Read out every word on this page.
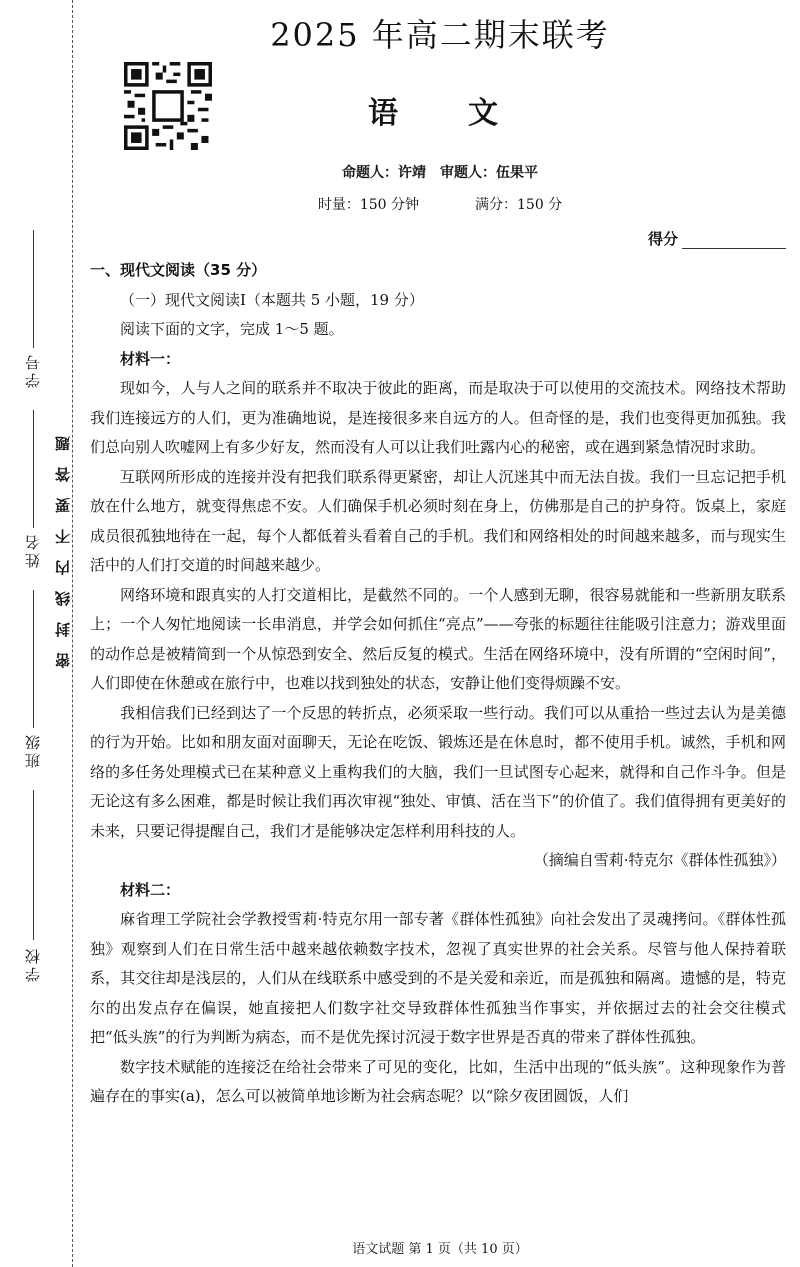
学号
姓名
班级
学校
密封线内不要答题
2025 年高二期末联考
语文
命题人：许靖　审题人：伍果平
时量：150 分钟	满分：150 分
得分

一、现代文阅读（35 分）

（一）现代文阅读Ⅰ（本题共 5 小题，19 分）

阅读下面的文字，完成 1～5 题。

材料一：

现如今，人与人之间的联系并不取决于彼此的距离，而是取决于可以使用的交流技术。网络技术帮助我们连接远方的人们，更为准确地说，是连接很多来自远方的人。但奇怪的是，我们也变得更加孤独。我们总向别人吹嘘网上有多少好友，然而没有人可以让我们吐露内心的秘密，或在遇到紧急情况时求助。

互联网所形成的连接并没有把我们联系得更紧密，却让人沉迷其中而无法自拔。我们一旦忘记把手机放在什么地方，就变得焦虑不安。人们确保手机必须时刻在身上，仿佛那是自己的护身符。饭桌上，家庭成员很孤独地待在一起，每个人都低着头看着自己的手机。我们和网络相处的时间越来越多，而与现实生活中的人们打交道的时间越来越少。

网络环境和跟真实的人打交道相比，是截然不同的。一个人感到无聊，很容易就能和一些新朋友联系上；一个人匆忙地阅读一长串消息，并学会如何抓住“亮点”——夸张的标题往往能吸引注意力；游戏里面的动作总是被精简到一个从惊恐到安全、然后反复的模式。生活在网络环境中，没有所谓的“空闲时间”，人们即使在休憩或在旅行中，也难以找到独处的状态，安静让他们变得烦躁不安。

我相信我们已经到达了一个反思的转折点，必须采取一些行动。我们可以从重拾一些过去认为是美德的行为开始。比如和朋友面对面聊天，无论在吃饭、锻炼还是在休息时，都不使用手机。诚然，手机和网络的多任务处理模式已在某种意义上重构我们的大脑，我们一旦试图专心起来，就得和自己作斗争。但是无论这有多么困难，都是时候让我们再次审视“独处、审慎、活在当下”的价值了。我们值得拥有更美好的未来，只要记得提醒自己，我们才是能够决定怎样利用科技的人。

（摘编自雪莉·特克尔《群体性孤独》）

材料二：

麻省理工学院社会学教授雪莉·特克尔用一部专著《群体性孤独》向社会发出了灵魂拷问。《群体性孤独》观察到人们在日常生活中越来越依赖数字技术，忽视了真实世界的社会关系。尽管与他人保持着联系，其交往却是浅层的，人们从在线联系中感受到的不是关爱和亲近，而是孤独和隔离。遗憾的是，特克尔的出发点存在偏误，她直接把人们数字社交导致群体性孤独当作事实，并依据过去的社会交往模式把“低头族”的行为判断为病态，而不是优先探讨沉浸于数字世界是否真的带来了群体性孤独。

数字技术赋能的连接泛在给社会带来了可见的变化，比如，生活中出现的“低头族”。这种现象作为普遍存在的事实(a)，怎么可以被简单地诊断为社会病态呢？以“除夕夜团圆饭，人们

语文试题 第 1 页（共 10 页）
